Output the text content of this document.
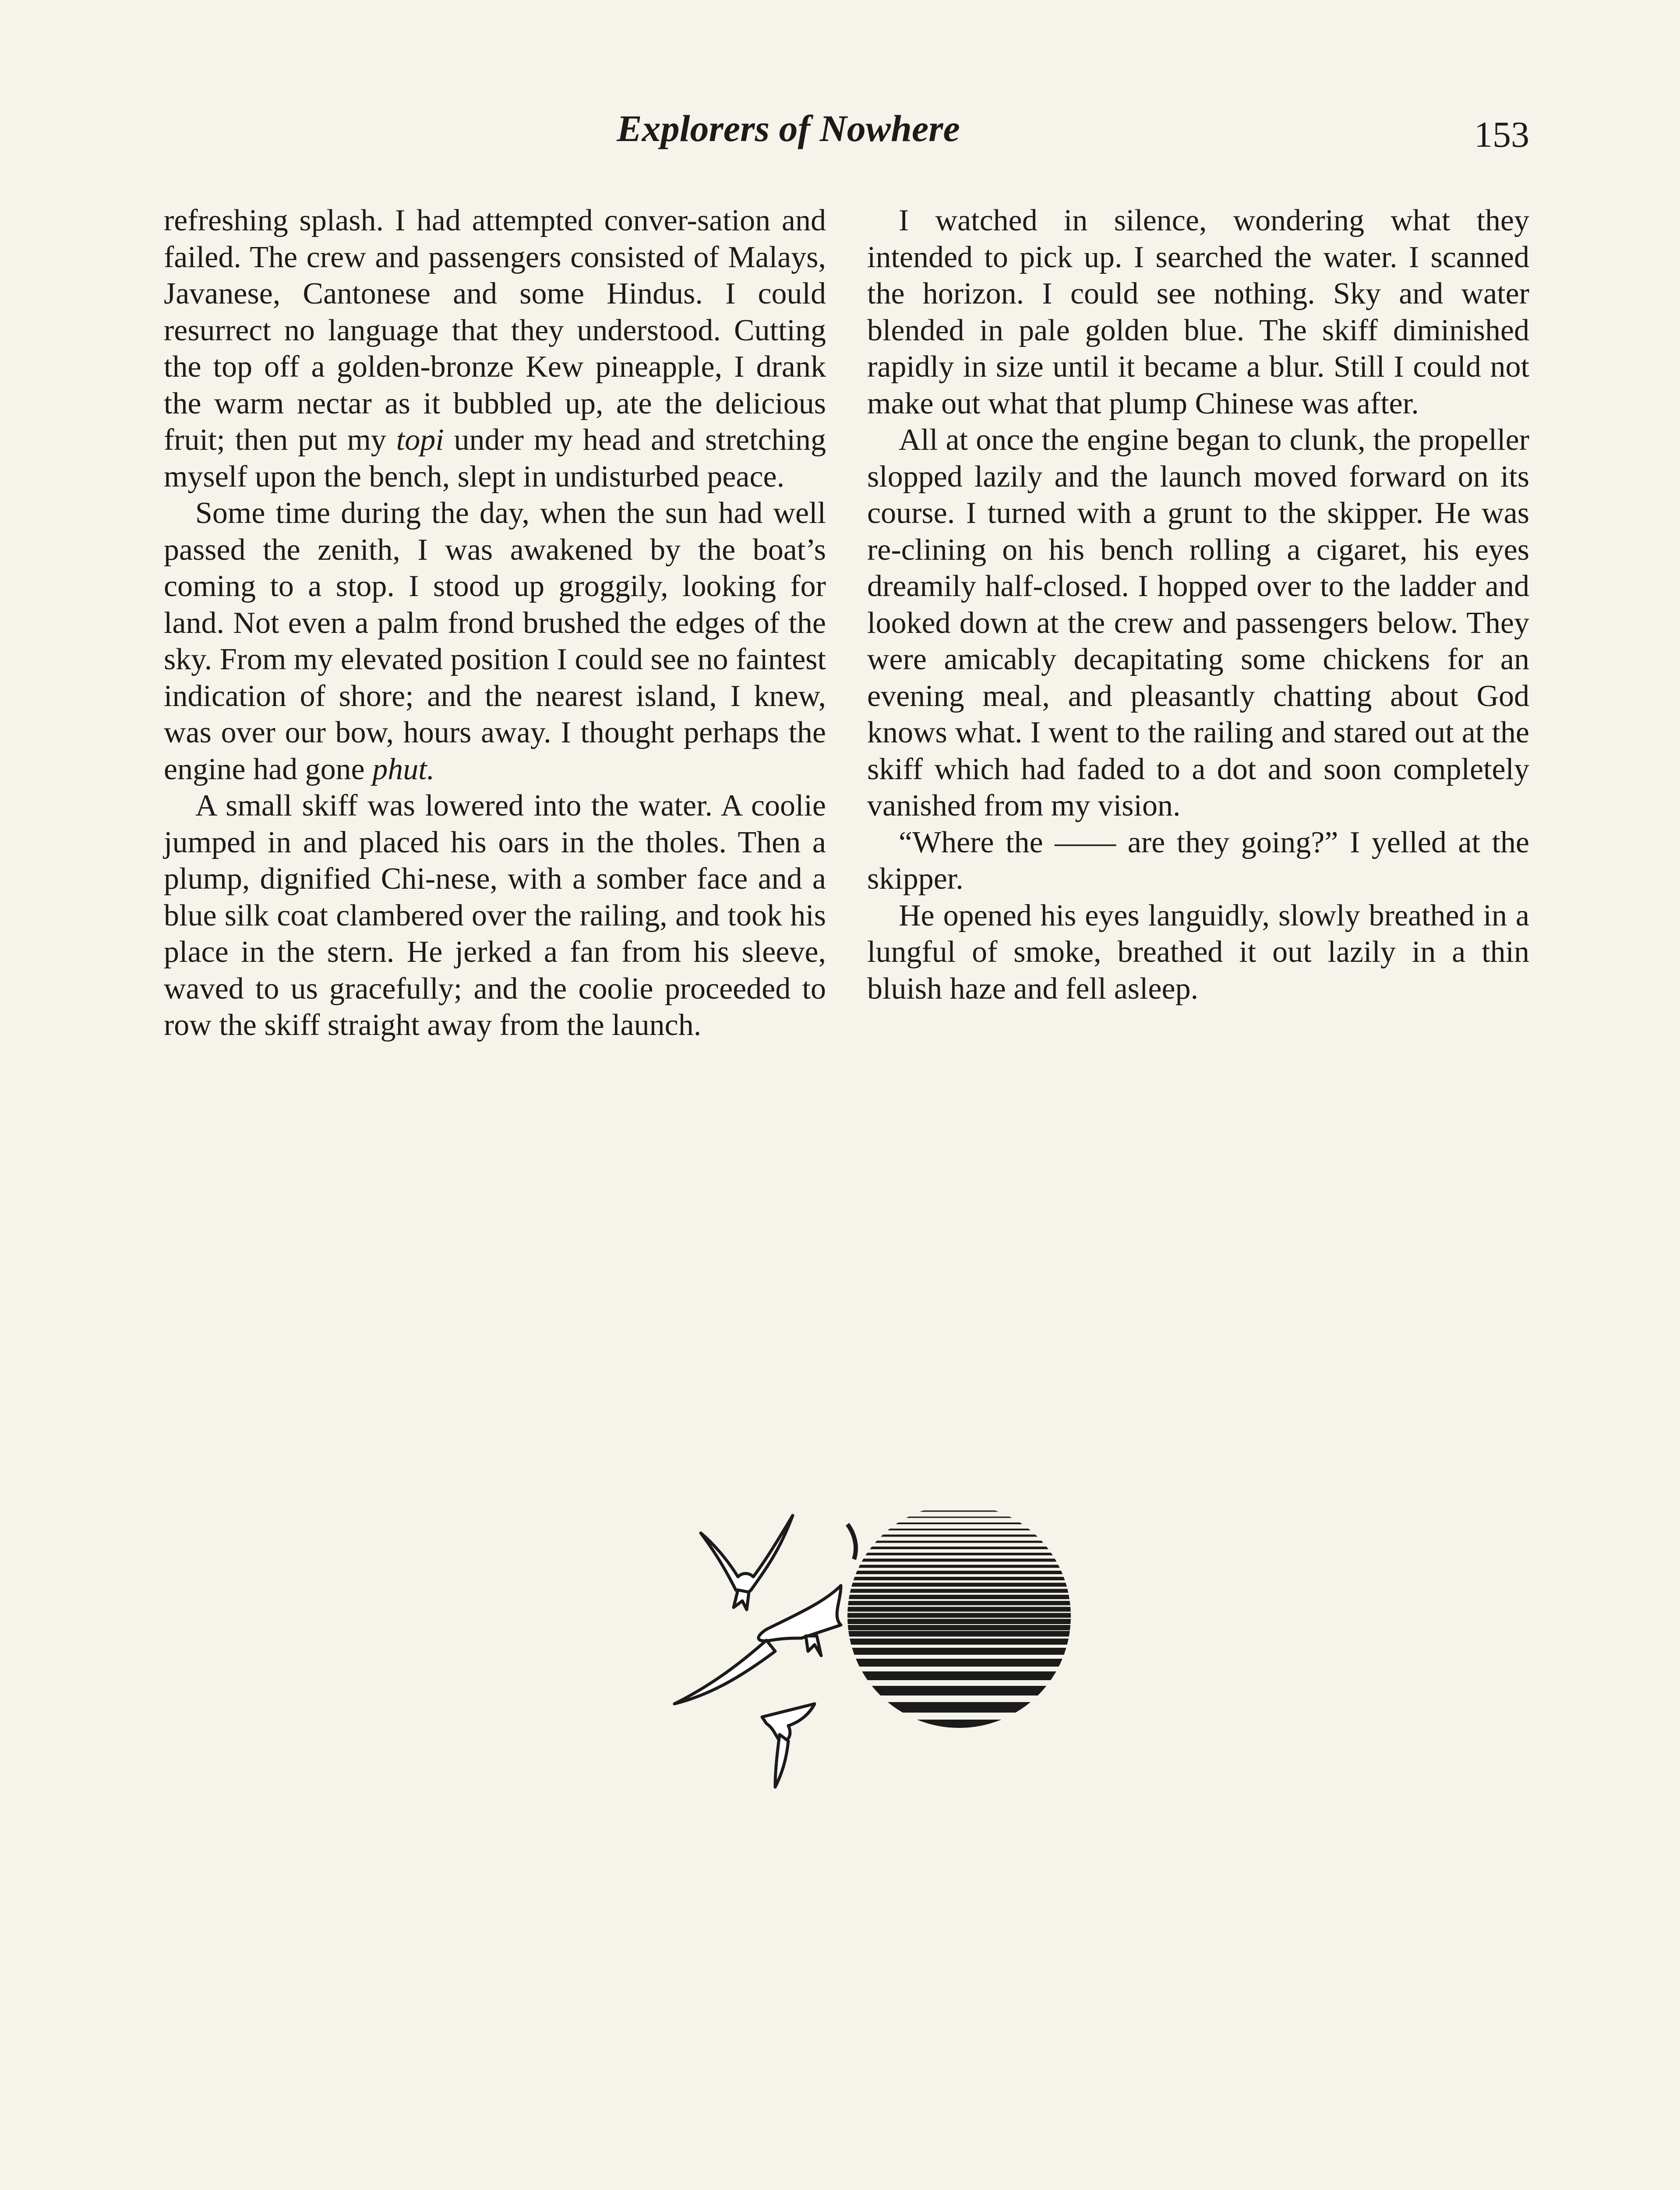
Explorers of Nowhere	153

refreshing splash. I had attempted conver-sation and failed. The crew and passengers consisted of Malays, Javanese, Cantonese and some Hindus. I could resurrect no language that they understood. Cutting the top off a golden-bronze Kew pineapple, I drank the warm nectar as it bubbled up, ate the delicious fruit; then put my topi under my head and stretching myself upon the bench, slept in undisturbed peace.

Some time during the day, when the sun had well passed the zenith, I was awakened by the boat’s coming to a stop. I stood up groggily, looking for land. Not even a palm frond brushed the edges of the sky. From my elevated position I could see no faintest indication of shore; and the nearest island, I knew, was over our bow, hours away. I thought perhaps the engine had gone phut.

A small skiff was lowered into the water. A coolie jumped in and placed his oars in the tholes. Then a plump, dignified Chi-nese, with a somber face and a blue silk coat clambered over the railing, and took his place in the stern. He jerked a fan from his sleeve, waved to us gracefully; and the coolie proceeded to row the skiff straight away from the launch.

I watched in silence, wondering what they intended to pick up. I searched the water. I scanned the horizon. I could see nothing. Sky and water blended in pale golden blue. The skiff diminished rapidly in size until it became a blur. Still I could not make out what that plump Chinese was after.

All at once the engine began to clunk, the propeller slopped lazily and the launch moved forward on its course. I turned with a grunt to the skipper. He was re-clining on his bench rolling a cigaret, his eyes dreamily half-closed. I hopped over to the ladder and looked down at the crew and passengers below. They were amicably decapitating some chickens for an evening meal, and pleasantly chatting about God knows what. I went to the railing and stared out at the skiff which had faded to a dot and soon completely vanished from my vision.

“Where the —— are they going?” I yelled at the skipper.

He opened his eyes languidly, slowly breathed in a lungful of smoke, breathed it out lazily in a thin bluish haze and fell asleep.
